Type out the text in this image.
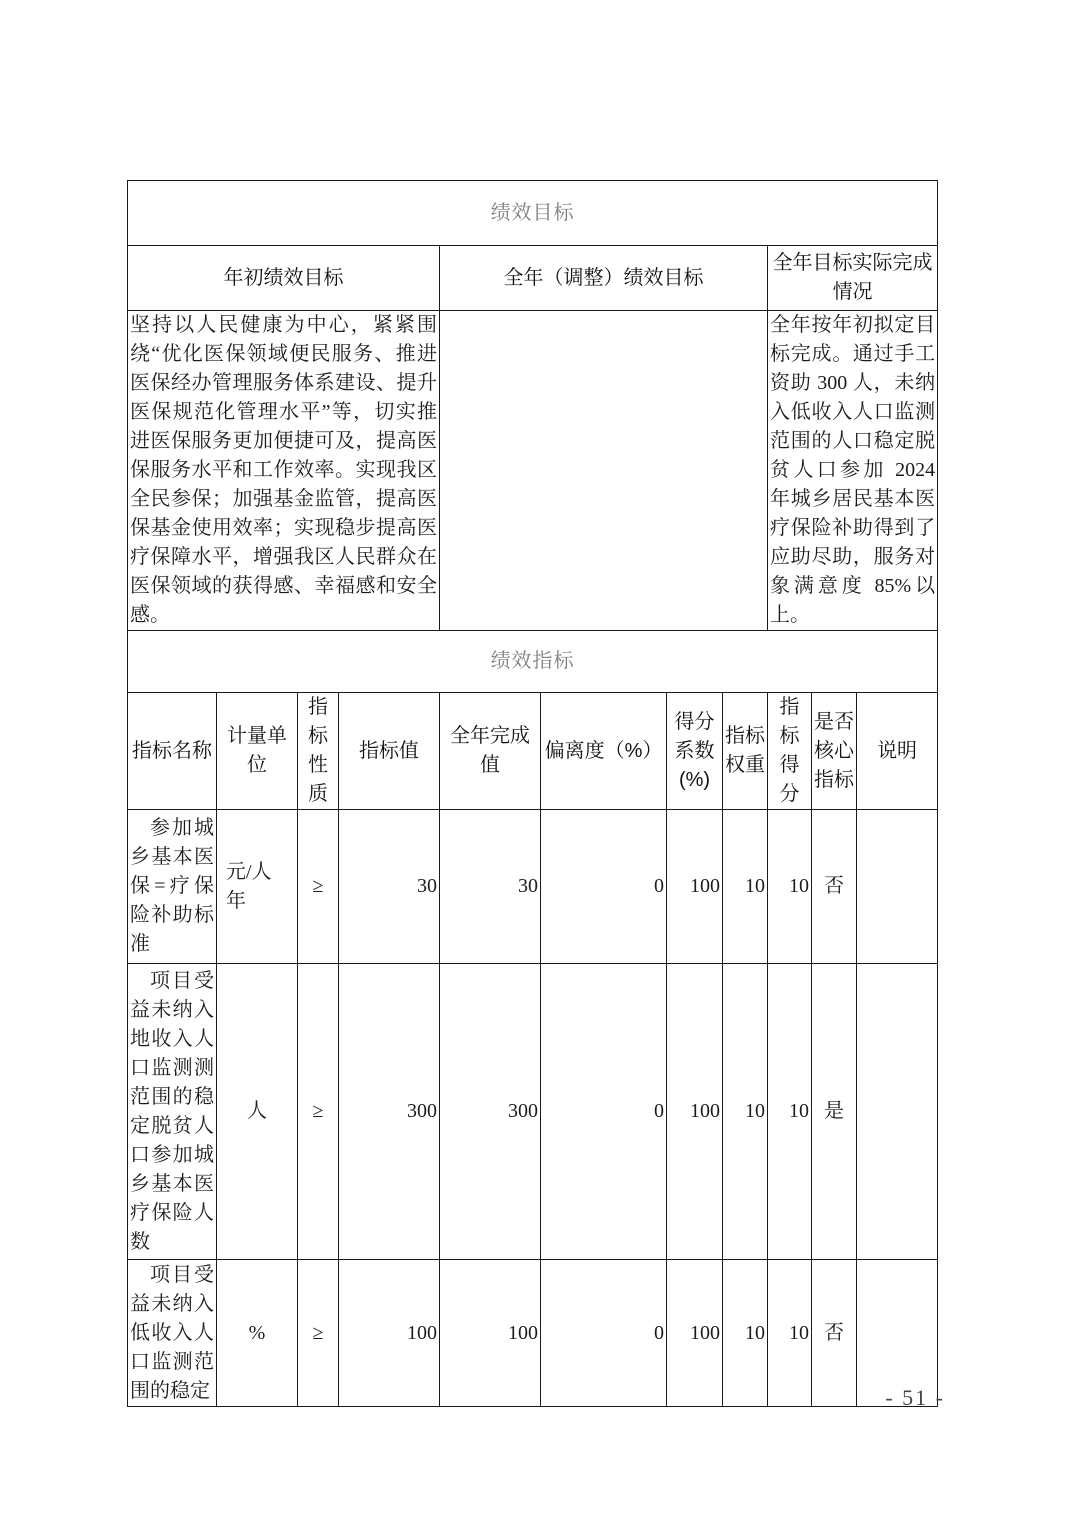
绩效目标										
年初绩效目标				全年（调整）绩效目标				全年目标实际完成情况		
坚持以人民健康为中心，紧紧围绕“优化医保领域便民服务、推进医保经办管理服务体系建设、提升医保规范化管理水平”等，切实推进医保服务更加便捷可及，提高医保服务水平和工作效率。实现我区全民参保；加强基金监管，提高医保基金使用效率；实现稳步提高医疗保障水平，增强我区人民群众在医保领域的获得感、幸福感和安全感。								全年按年初拟定目标完成。通过手工资助 300 人，未纳入低收入人口监测范围的人口稳定脱贫人口参加 2024 年城乡居民基本医疗保险补助得到了应助尽助，服务对象满意度 85%以上。		
绩效指标										
指标名称	计量单位	指标性质	指标值	全年完成值	偏离度（%）	得分系数(%)	指标权重	指标得分	是否核心指标	说明
参加城乡基本医保=疗保险补助标准	元/人年	≥	30	30	0	100	10	10	否	
项目受益未纳入地收入人口监测测范围的稳定脱贫人口参加城乡基本医疗保险人数	人	≥	300	300	0	100	10	10	是	
项目受益未纳入低收入人口监测范围的稳定	%	≥	100	100	0	100	10	10	否	
- 51 -
